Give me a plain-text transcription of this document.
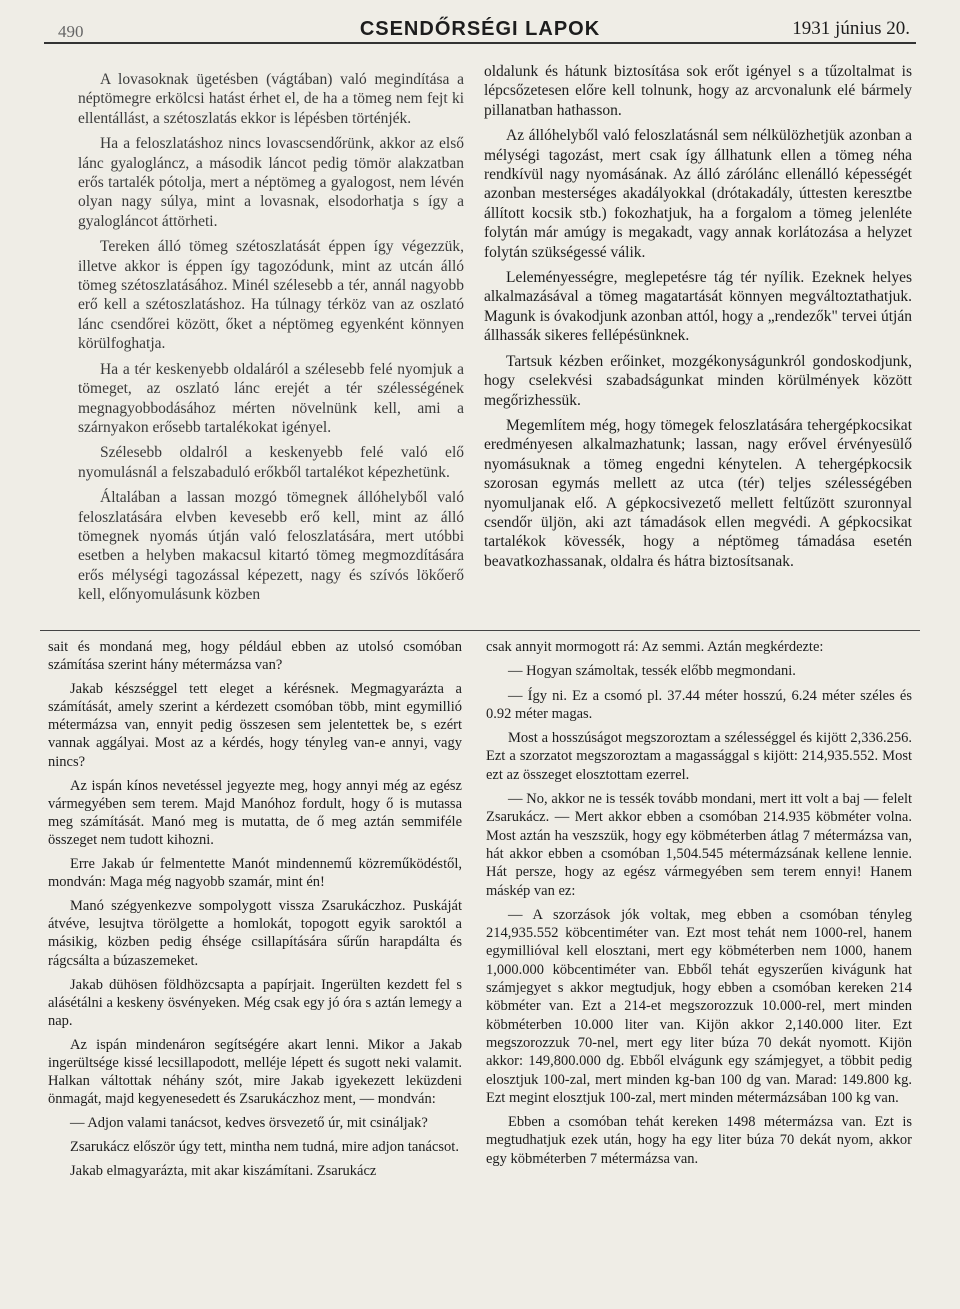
490	CSENDŐRSÉGI LAPOK	1931 június 20.

A lovasoknak ügetésben (vágtában) való megindítása a néptömegre erkölcsi hatást érhet el, de ha a tömeg nem fejt ki ellentállást, a szétoszlatás ekkor is lépésben történjék.

Ha a feloszlatáshoz nincs lovascsendőrünk, akkor az első lánc gyalogláncz, a második láncot pedig tömör alakzatban erős tartalék pótolja, mert a néptömeg a gyalogost, nem lévén olyan nagy súlya, mint a lovasnak, elsodorhatja s így a gyalogláncot áttörheti.

Tereken álló tömeg szétoszlatását éppen így végezzük, illetve akkor is éppen így tagozódunk, mint az utcán álló tömeg szétoszlatásához. Minél szélesebb a tér, annál nagyobb erő kell a szétoszlatáshoz. Ha túlnagy térköz van az oszlató lánc csendőrei között, őket a néptömeg egyenként könnyen körülfoghatja.

Ha a tér keskenyebb oldaláról a szélesebb felé nyomjuk a tömeget, az oszlató lánc erejét a tér szélességének megnagyobbodásához mérten növelnünk kell, ami a szárnyakon erősebb tartalékokat igényel.

Szélesebb oldalról a keskenyebb felé való elő nyomulásnál a felszabaduló erőkből tartalékot képezhetünk.

Általában a lassan mozgó tömegnek állóhelyből való feloszlatására elvben kevesebb erő kell, mint az álló tömegnek nyomás útján való feloszlatására, mert utóbbi esetben a helyben makacsul kitartó tömeg megmozdítására erős mélységi tagozással képezett, nagy és szívós lökőerő kell, előnyomulásunk közben

oldalunk és hátunk biztosítása sok erőt igényel s a tűzoltalmat is lépcsőzetesen előre kell tolnunk, hogy az arcvonalunk elé bármely pillanatban hathasson.

Az állóhelyből való feloszlatásnál sem nélkülözhetjük azonban a mélységi tagozást, mert csak így állhatunk ellen a tömeg néha rendkívül nagy nyomásának. Az álló zárólánc ellenálló képességét azonban mesterséges akadályokkal (drótakadály, úttesten keresztbe állított kocsik stb.) fokozhatjuk, ha a forgalom a tömeg jelenléte folytán már amúgy is megakadt, vagy annak korlátozása a helyzet folytán szükségessé válik.

Leleményességre, meglepetésre tág tér nyílik. Ezeknek helyes alkalmazásával a tömeg magatartását könnyen megváltoztathatjuk. Magunk is óvakodjunk azonban attól, hogy a „rendezők" tervei útján állhassák sikeres fellépésünknek.

Tartsuk kézben erőinket, mozgékonyságunkról gondoskodjunk, hogy cselekvési szabadságunkat minden körülmények között megőrizhessük.

Megemlítem még, hogy tömegek feloszlatására tehergépkocsikat eredményesen alkalmazhatunk; lassan, nagy erővel érvényesülő nyomásuknak a tömeg engedni kénytelen. A tehergépkocsik szorosan egymás mellett az utca (tér) teljes szélességében nyomuljanak elő. A gépkocsivezető mellett feltűzött szuronnyal csendőr üljön, aki azt támadások ellen megvédi. A gépkocsikat tartalékok kövessék, hogy a néptömeg támadása esetén beavatkozhassanak, oldalra és hátra biztosítsanak.

sait és mondaná meg, hogy például ebben az utolsó csomóban számítása szerint hány métermázsa van?

Jakab készséggel tett eleget a kérésnek. Megmagyarázta a számítását, amely szerint a kérdezett csomóban több, mint egymillió métermázsa van, ennyit pedig összesen sem jelentettek be, s ezért vannak aggályai. Most az a kérdés, hogy tényleg van-e annyi, vagy nincs?

Az ispán kínos nevetéssel jegyezte meg, hogy annyi még az egész vármegyében sem terem. Majd Manóhoz fordult, hogy ő is mutassa meg számítását. Manó meg is mutatta, de ő meg aztán semmiféle összeget nem tudott kihozni.

Erre Jakab úr felmentette Manót mindennemű közreműködéstől, mondván: Maga még nagyobb szamár, mint én!

Manó szégyenkezve sompolygott vissza Zsarukáczhoz. Puskáját átvéve, lesujtva törölgette a homlokát, topogott egyik saroktól a másikig, közben pedig éhsége csillapítására sűrűn harapdálta és rágcsálta a búzaszemeket.

Jakab dühösen földhözcsapta a papírjait. Ingerülten kezdett fel s alásétálni a keskeny ösvényeken. Még csak egy jó óra s aztán lemegy a nap.

Az ispán mindenáron segítségére akart lenni. Mikor a Jakab ingerültsége kissé lecsillapodott, melléje lépett és sugott neki valamit. Halkan váltottak néhány szót, mire Jakab igyekezett leküzdeni önmagát, majd kegyenesedett és Zsarukáczhoz ment, — mondván:

— Adjon valami tanácsot, kedves örsvezető úr, mit csináljak?

Zsarukácz először úgy tett, mintha nem tudná, mire adjon tanácsot.

Jakab elmagyarázta, mit akar kiszámítani. Zsarukácz

csak annyit mormogott rá: Az semmi. Aztán megkérdezte:

— Hogyan számoltak, tessék előbb megmondani.

— Így ni. Ez a csomó pl. 37.44 méter hosszú, 6.24 méter széles és 0.92 méter magas.

Most a hosszúságot megszoroztam a szélességgel és kijött 2,336.256. Ezt a szorzatot megszoroztam a magassággal s kijött: 214,935.552. Most ezt az összeget elosztottam ezerrel.

— No, akkor ne is tessék tovább mondani, mert itt volt a baj — felelt Zsarukácz. — Mert akkor ebben a csomóban 214.935 köbméter volna. Most aztán ha veszszük, hogy egy köbméterben átlag 7 métermázsa van, hát akkor ebben a csomóban 1,504.545 métermázsának kellene lennie. Hát persze, hogy az egész vármegyében sem terem ennyi! Hanem máskép van ez:

— A szorzások jók voltak, meg ebben a csomóban tényleg 214,935.552 köbcentiméter van. Ezt most tehát nem 1000-rel, hanem egymillióval kell elosztani, mert egy köbméterben nem 1000, hanem 1,000.000 köbcentiméter van. Ebből tehát egyszerűen kivágunk hat számjegyet s akkor megtudjuk, hogy ebben a csomóban kereken 214 köbméter van. Ezt a 214-et megszorozzuk 10.000-rel, mert minden köbméterben 10.000 liter van. Kijön akkor 2,140.000 liter. Ezt megszorozzuk 70-nel, mert egy liter búza 70 dekát nyomott. Kijön akkor: 149,800.000 dg. Ebből elvágunk egy számjegyet, a többit pedig elosztjuk 100-zal, mert minden kg-ban 100 dg van. Marad: 149.800 kg. Ezt megint elosztjuk 100-zal, mert minden métermázsában 100 kg van.

Ebben a csomóban tehát kereken 1498 métermázsa van. Ezt is megtudhatjuk ezek után, hogy ha egy liter búza 70 dekát nyom, akkor egy köbméterben 7 métermázsa van.
